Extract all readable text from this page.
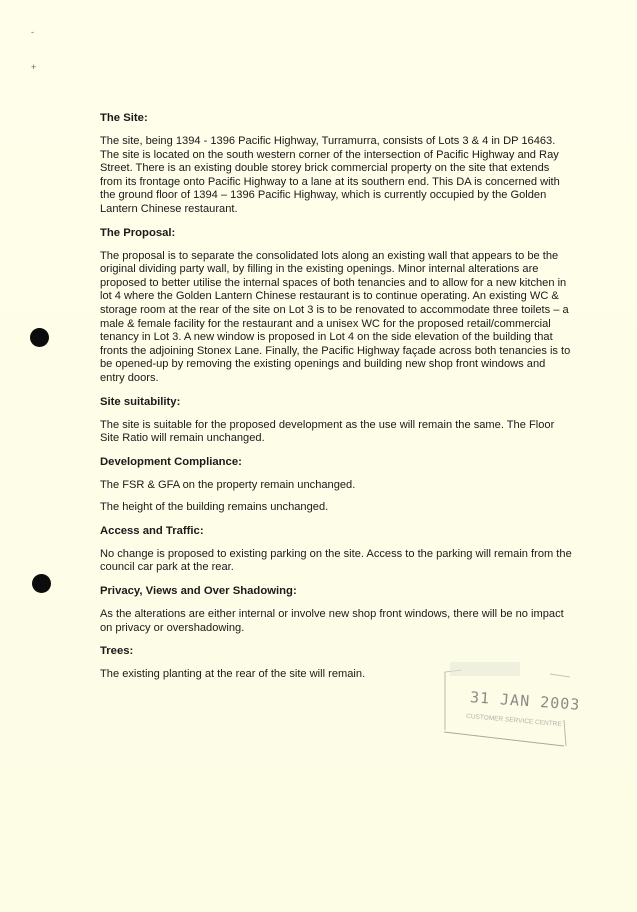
-
+
The Site:

The site, being 1394 - 1396 Pacific Highway, Turramurra, consists of Lots 3 & 4 in DP 16463. The site is located on the south western corner of the intersection of Pacific Highway and Ray Street. There is an existing double storey brick commercial property on the site that extends from its frontage onto Pacific Highway to a lane at its southern end. This DA is concerned with the ground floor of 1394 – 1396 Pacific Highway, which is currently occupied by the Golden Lantern Chinese restaurant.

The Proposal:

The proposal is to separate the consolidated lots along an existing wall that appears to be the original dividing party wall, by filling in the existing openings. Minor internal alterations are proposed to better utilise the internal spaces of both tenancies and to allow for a new kitchen in lot 4 where the Golden Lantern Chinese restaurant is to continue operating. An existing WC & storage room at the rear of the site on Lot 3 is to be renovated to accommodate three toilets – a male & female facility for the restaurant and a unisex WC for the proposed retail/commercial tenancy in Lot 3. A new window is proposed in Lot 4 on the side elevation of the building that fronts the adjoining Stonex Lane. Finally, the Pacific Highway façade across both tenancies is to be opened-up by removing the existing openings and building new shop front windows and entry doors.

Site suitability:

The site is suitable for the proposed development as the use will remain the same. The Floor Site Ratio will remain unchanged.

Development Compliance:

The FSR & GFA on the property remain unchanged.

The height of the building remains unchanged.

Access and Traffic:

No change is proposed to existing parking on the site. Access to the parking will remain from the council car park at the rear.

Privacy, Views and Over Shadowing:

As the alterations are either internal or involve new shop front windows, there will be no impact on privacy or overshadowing.

Trees:

The existing planting at the rear of the site will remain.

31 JAN 2003
CUSTOMER SERVICE CENTRE
